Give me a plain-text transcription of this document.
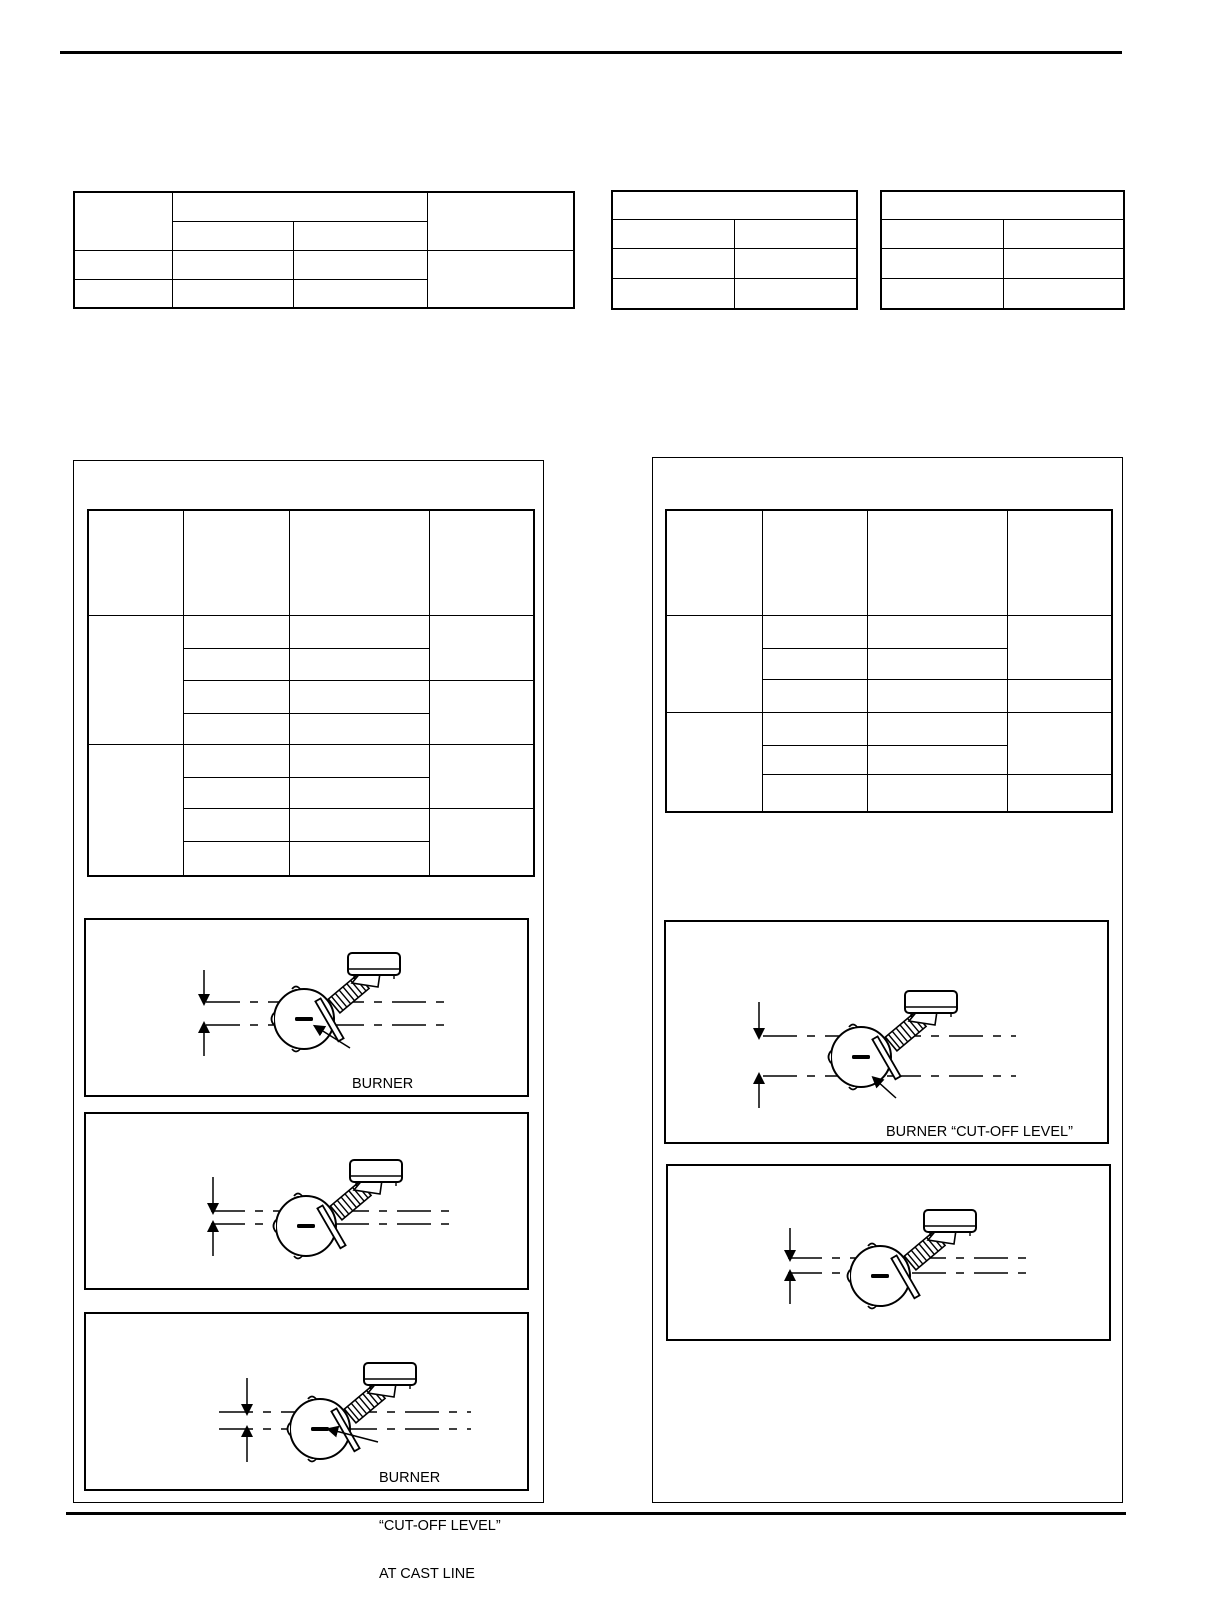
BURNER

BURNER

“CUT-OFF LEVEL”

AT CAST LINE

BURNER “CUT-OFF LEVEL”
